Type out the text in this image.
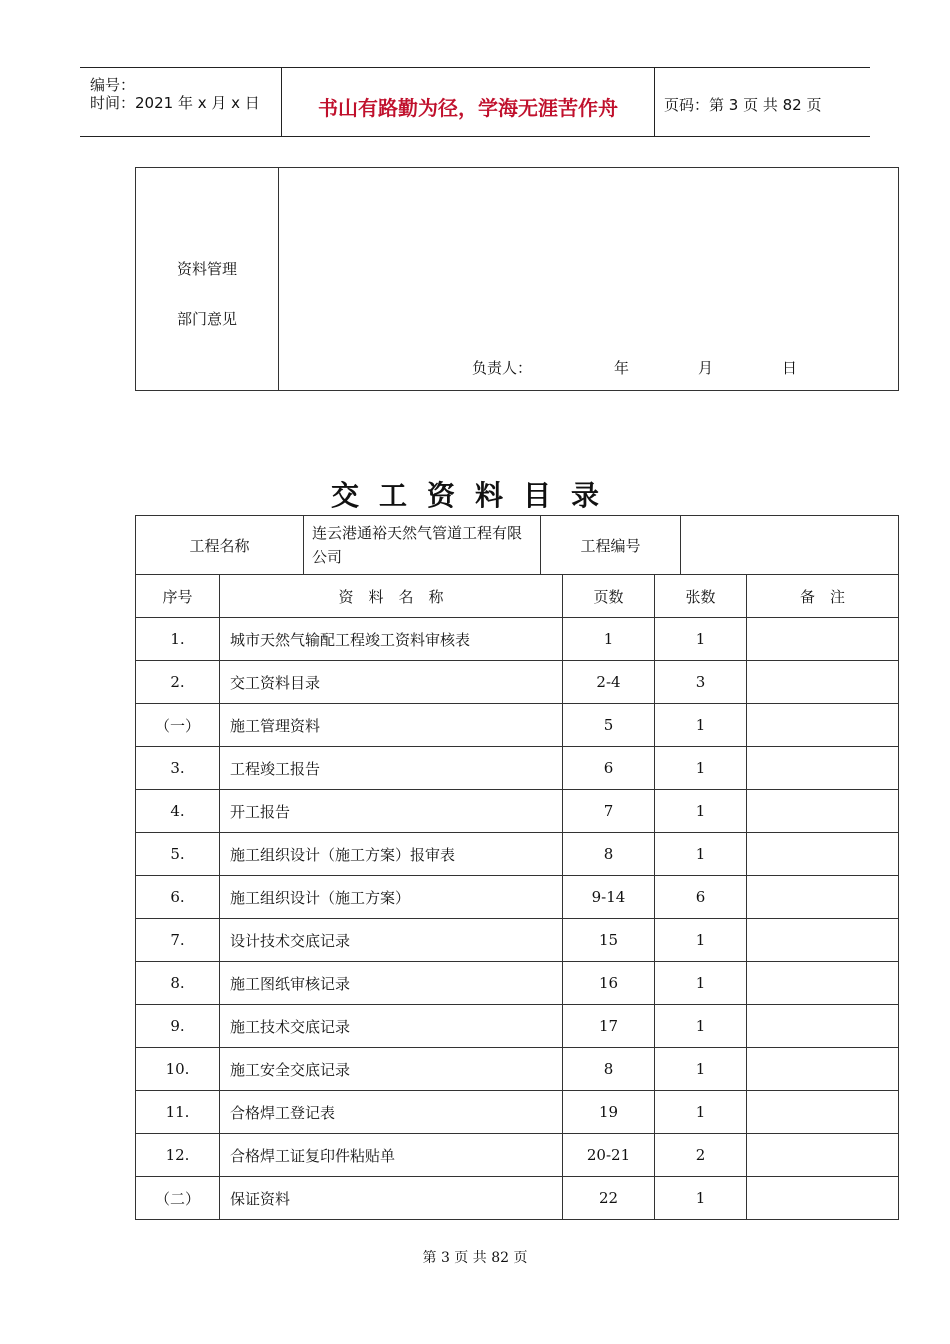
编号：
时间：2021 年 x 月 x 日	书山有路勤为径，学海无涯苦作舟	页码：第 3 页 共 82 页
资料管理
部门意见

负责人：	年	月	日
交工资料目录
工程名称	连云港通裕天然气管道工程有限公司	工程编号	
序号	资　料　名　称	页数	张数	备　注
1.	城市天然气输配工程竣工资料审核表	1	1	
2.	交工资料目录	2-4	3	
（一）	施工管理资料	5	1	
3.	工程竣工报告	6	1	
4.	开工报告	7	1	
5.	施工组织设计（施工方案）报审表	8	1	
6.	施工组织设计（施工方案）	9-14	6	
7.	设计技术交底记录	15	1	
8.	施工图纸审核记录	16	1	
9.	施工技术交底记录	17	1	
10.	施工安全交底记录	8	1	
11.	合格焊工登记表	19	1	
12.	合格焊工证复印件粘贴单	20-21	2	
（二）	保证资料	22	1	
第 3 页 共 82 页
